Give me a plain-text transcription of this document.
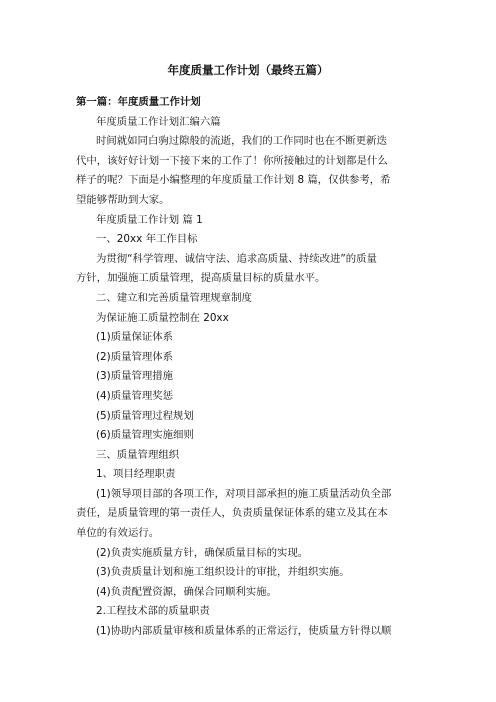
年度质量工作计划（最终五篇）
第一篇：年度质量工作计划
年度质量工作计划汇编六篇
时间就如同白驹过隙般的流逝，我们的工作同时也在不断更新迭
代中，该好好计划一下接下来的工作了！你所接触过的计划都是什么
样子的呢？下面是小编整理的年度质量工作计划 8 篇，仅供参考，希
望能够帮助到大家。
年度质量工作计划 篇 1
一、20xx 年工作目标
为贯彻“科学管理、诚信守法、追求高质量、持续改进”的质量
方针，加强施工质量管理，提高质量目标的质量水平。
二、建立和完善质量管理规章制度
为保证施工质量控制在 20xx
(1)质量保证体系
(2)质量管理体系
(3)质量管理措施
(4)质量管理奖惩
(5)质量管理过程规划
(6)质量管理实施细则
三、质量管理组织
1、项目经理职责
(1)领导项目部的各项工作，对项目部承担的施工质量活动负全部
责任，是质量管理的第一责任人，负责质量保证体系的建立及其在本
单位的有效运行。
(2)负责实施质量方针，确保质量目标的实现。
(3)负责质量计划和施工组织设计的审批，并组织实施。
(4)负责配置资源，确保合同顺利实施。
2.工程技术部的质量职责
(1)协助内部质量审核和质量体系的正常运行，使质量方针得以顺
